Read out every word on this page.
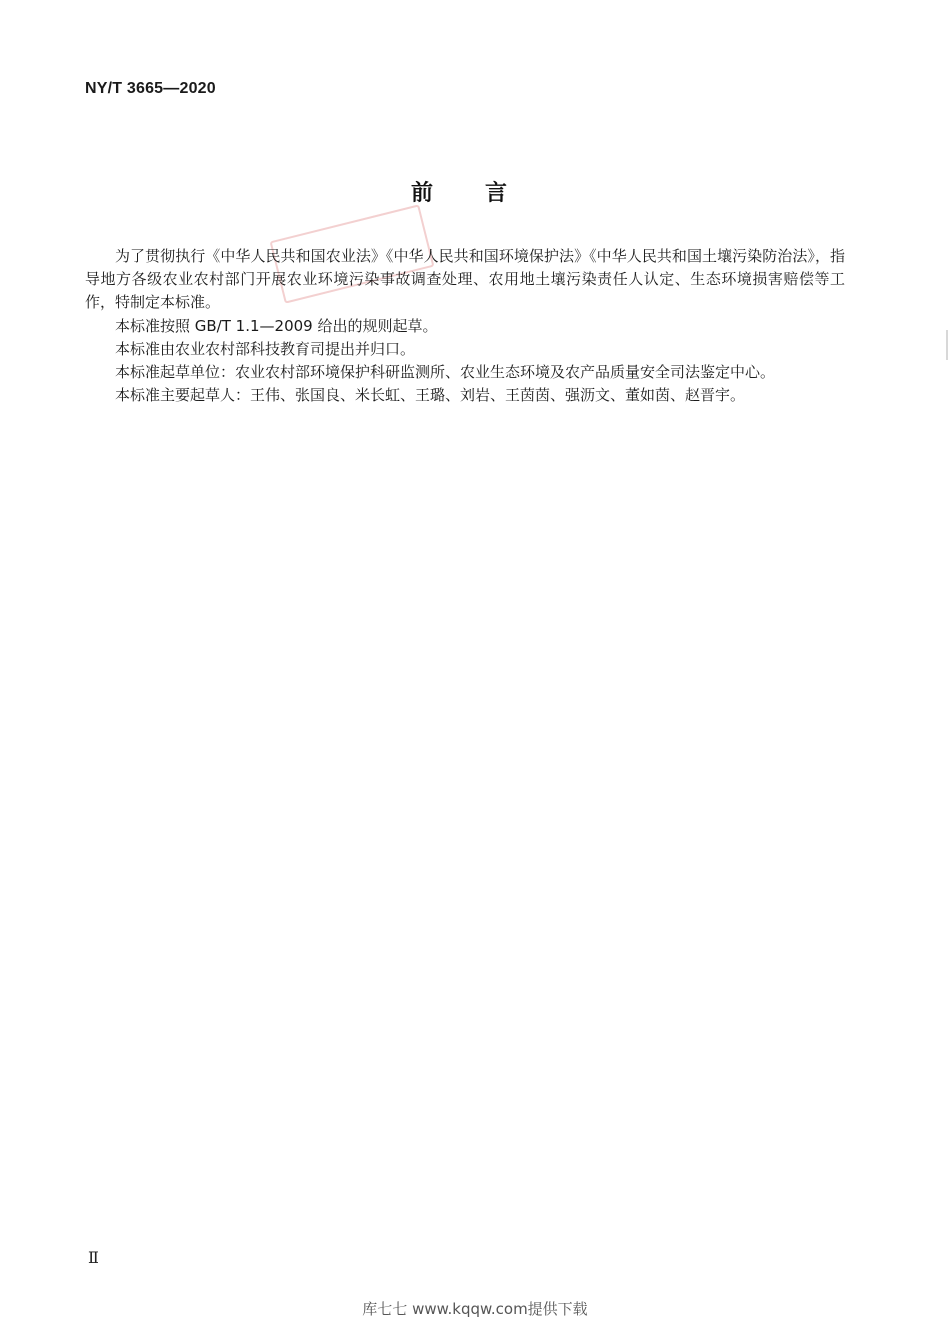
NY/T 3665—2020
前言

为了贯彻执行《中华人民共和国农业法》《中华人民共和国环境保护法》《中华人民共和国土壤污染防治法》，指导地方各级农业农村部门开展农业环境污染事故调查处理、农用地土壤污染责任人认定、生态环境损害赔偿等工作，特制定本标准。

本标准按照 GB/T 1.1—2009 给出的规则起草。

本标准由农业农村部科技教育司提出并归口。

本标准起草单位：农业农村部环境保护科研监测所、农业生态环境及农产品质量安全司法鉴定中心。

本标准主要起草人：王伟、张国良、米长虹、王璐、刘岩、王茵茵、强沥文、董如茵、赵晋宇。

Ⅱ
库七七 www.kqqw.com提供下载
